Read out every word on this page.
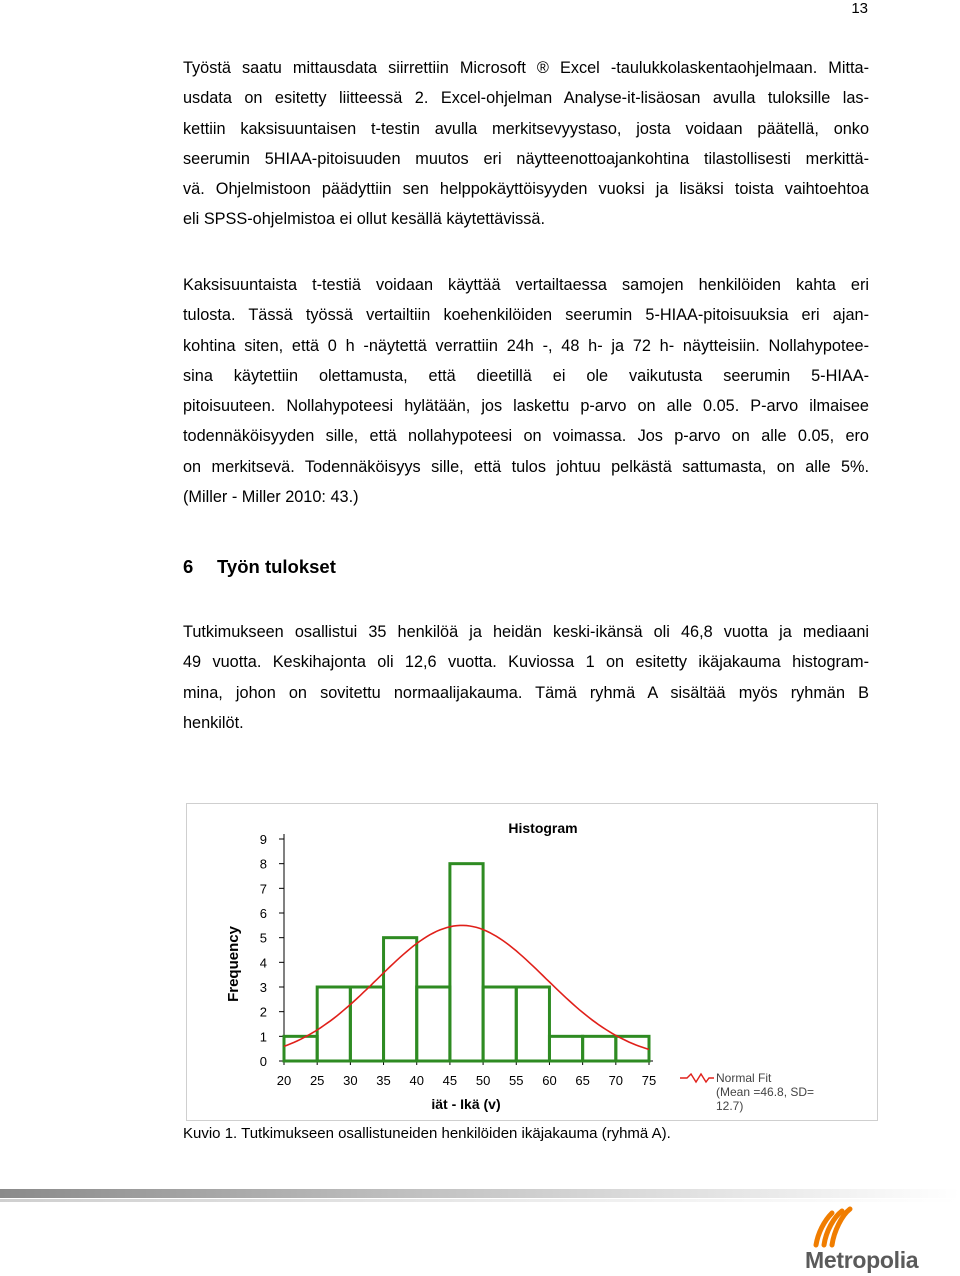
13
Työstä saatu mittausdata siirrettiin Microsoft ® Excel -taulukkolaskentaohjelmaan. Mitta-
usdata on esitetty liitteessä 2. Excel-ohjelman Analyse-it-lisäosan avulla tuloksille las-
kettiin kaksisuuntaisen t-testin avulla merkitsevyystaso, josta voidaan päätellä, onko
seerumin 5HIAA-pitoisuuden muutos eri näytteenottoajankohtina tilastollisesti merkittä-
vä. Ohjelmistoon päädyttiin sen helppokäyttöisyyden vuoksi ja lisäksi toista vaihtoehtoa
eli SPSS-ohjelmistoa ei ollut kesällä käytettävissä.
Kaksisuuntaista t-testiä voidaan käyttää vertailtaessa samojen henkilöiden kahta eri
tulosta. Tässä työssä vertailtiin koehenkilöiden seerumin 5-HIAA-pitoisuuksia eri ajan-
kohtina siten, että 0 h -näytettä verrattiin 24h -, 48 h- ja 72 h- näytteisiin. Nollahypotee-
sina käytettiin olettamusta, että dieetillä ei ole vaikutusta seerumin 5-HIAA-
pitoisuuteen. Nollahypoteesi hylätään, jos laskettu p-arvo on alle 0.05. P-arvo ilmaisee
todennäköisyyden sille, että nollahypoteesi on voimassa. Jos p-arvo on alle 0.05, ero
on merkitsevä. Todennäköisyys sille, että tulos johtuu pelkästä sattumasta, on alle 5%.
(Miller - Miller 2010: 43.)
6 Työn tulokset
Tutkimukseen osallistui 35 henkilöä ja heidän keski-ikänsä oli 46,8 vuotta ja mediaani
49 vuotta. Keskihajonta oli 12,6 vuotta. Kuviossa 1 on esitetty ikäjakauma histogram-
mina, johon on sovitettu normaalijakauma. Tämä ryhmä A sisältää myös ryhmän B
henkilöt.
0
1
2
3
4
5
6
7
8
9
20 25 30 35 40 45 50 55 60 65 70 75
Histogram
iät - Ikä (v)
Frequency
Normal Fit
(Mean =46.8, SD=
12.7)
Kuvio 1. Tutkimukseen osallistuneiden henkilöiden ikäjakauma (ryhmä A).
Metropolia
